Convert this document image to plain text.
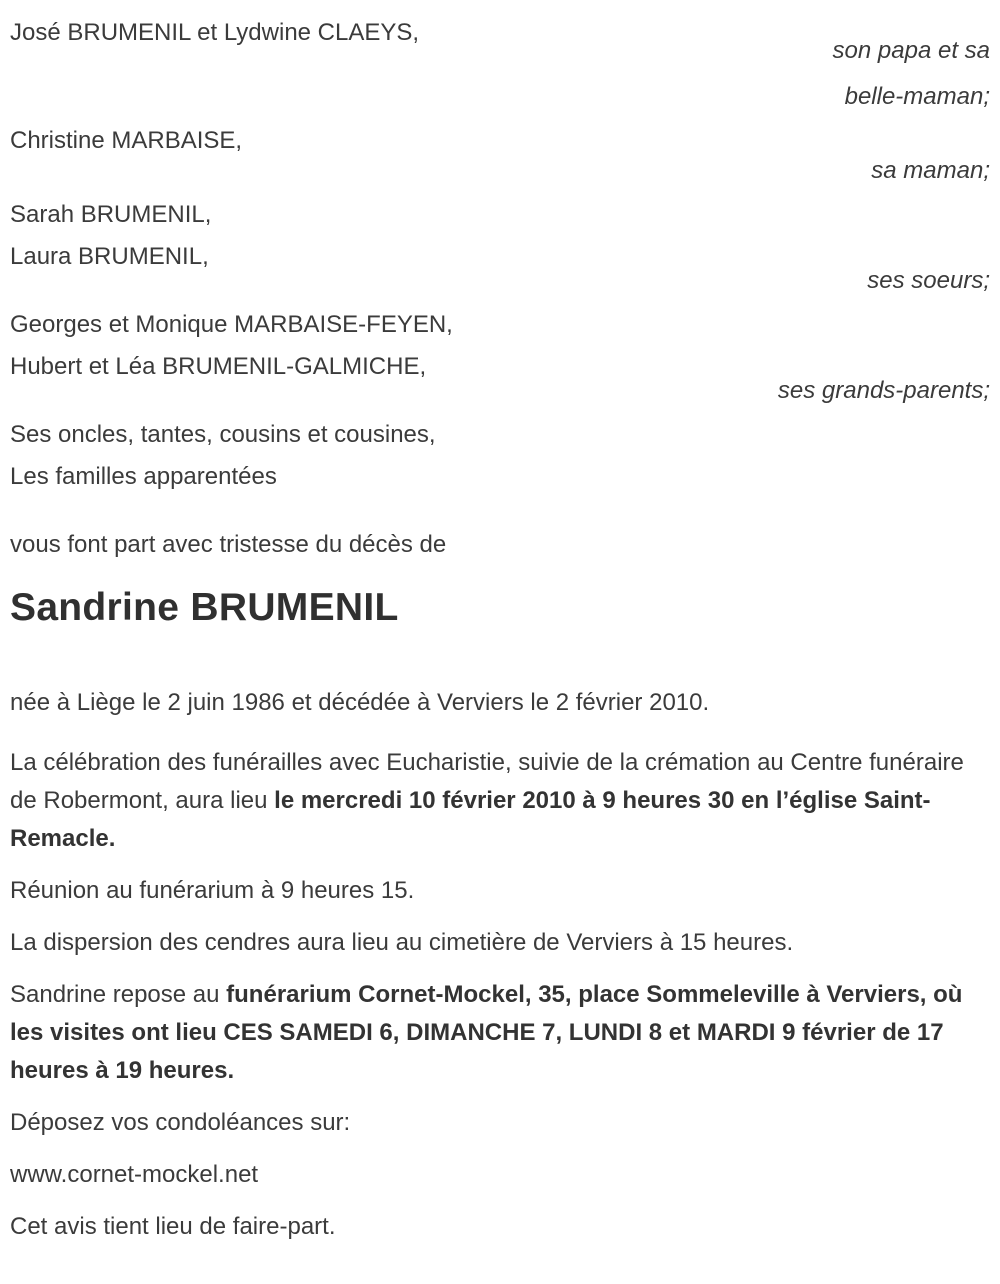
José BRUMENIL et Lydwine CLAEYS,
son papa et sa
belle-maman;
Christine MARBAISE,
sa maman;
Sarah BRUMENIL,
Laura BRUMENIL,
ses soeurs;
Georges et Monique MARBAISE-FEYEN,
Hubert et Léa BRUMENIL-GALMICHE,
ses grands-parents;
Ses oncles, tantes, cousins et cousines,
Les familles apparentées
vous font part avec tristesse du décès de
Sandrine BRUMENIL

née à Liège le 2 juin 1986 et décédée à Verviers le 2 février 2010.

La célébration des funérailles avec Eucharistie, suivie de la crémation au Centre funéraire de Robermont, aura lieu le mercredi 10 février 2010 à 9 heures 30 en l’église Saint-Remacle.

Réunion au funérarium à 9 heures 15.

La dispersion des cendres aura lieu au cimetière de Verviers à 15 heures.

Sandrine repose au funérarium Cornet-Mockel, 35, place Sommeleville à Verviers, où les visites ont lieu CES SAMEDI 6, DIMANCHE 7, LUNDI 8 et MARDI 9 février de 17 heures à 19 heures.

Déposez vos condoléances sur:

www.cornet-mockel.net

Cet avis tient lieu de faire-part.
